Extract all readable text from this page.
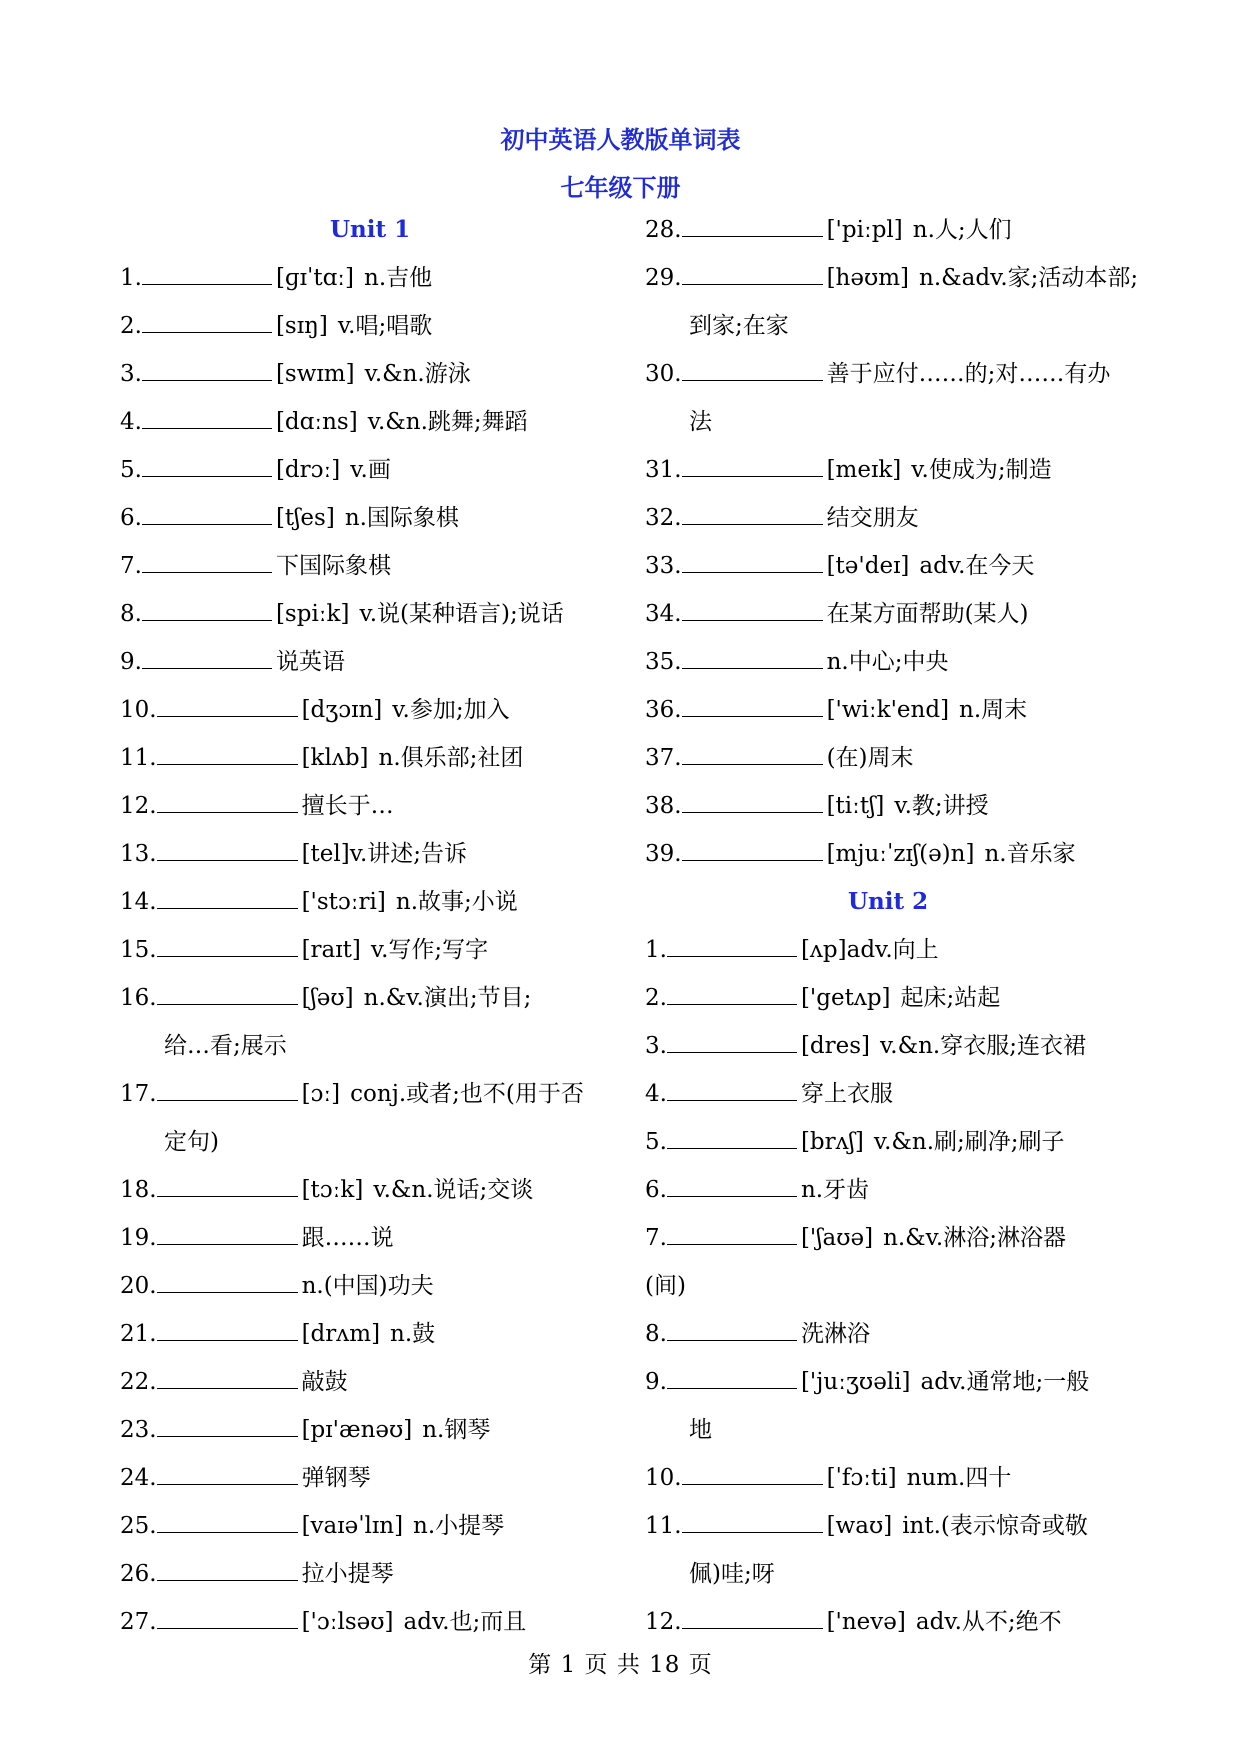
初中英语人教版单词表
七年级下册
Unit 1
1.	[ɡɪˈtɑː] n.吉他
2.	[sɪŋ] v.唱;唱歌
3.	[swɪm] v.&n.游泳
4.	[dɑːns] v.&n.跳舞;舞蹈
5.	[drɔː] v.画
6.	[tʃes] n.国际象棋
7.	下国际象棋
8.	[spiːk] v.说(某种语言);说话
9.	说英语
10.	[dʒɔɪn] v.参加;加入
11.	[klʌb] n.俱乐部;社团
12.	擅长于…
13.	[tel]v.讲述;告诉
14.	['stɔːri] n.故事;小说
15.	[raɪt] v.写作;写字
16.	[ʃəʊ] n.&v.演出;节目;
给…看;展示
17.	[ɔː] conj.或者;也不(用于否
定句)
18.	[tɔːk] v.&n.说话;交谈
19.	跟……说
20.	n.(中国)功夫
21.	[drʌm] n.鼓
22.	敲鼓
23.	[pɪ'ænəʊ] n.钢琴
24.	弹钢琴
25.	[vaɪəˈlɪn] n.小提琴
26.	拉小提琴
27.	['ɔːlsəʊ] adv.也;而且
28.	['piːpl] n.人;人们
29.	[həʊm] n.&adv.家;活动本部;
到家;在家
30.	善于应付……的;对……有办
法
31.	[meɪk] v.使成为;制造
32.	结交朋友
33.	[tə'deɪ] adv.在今天
34.	在某方面帮助(某人)
35.	n.中心;中央
36.	['wiːk'end] n.周末
37.	(在)周末
38.	[tiːtʃ] v.教;讲授
39.	[mjuːˈzɪʃ(ə)n] n.音乐家
Unit 2
1.	[ʌp]adv.向上
2.	['getʌp] 起床;站起
3.	[dres] v.&n.穿衣服;连衣裙
4.	穿上衣服
5.	[brʌʃ] v.&n.刷;刷净;刷子
6.	n.牙齿
7.	['ʃaʊə] n.&v.淋浴;淋浴器
(间)
8.	洗淋浴
9.	['juːʒʊəli] adv.通常地;一般
地
10.	[ˈfɔːti] num.四十
11.	[waʊ] int.(表示惊奇或敬
佩)哇;呀
12.	['nevə] adv.从不;绝不
第 1 页 共 18 页
